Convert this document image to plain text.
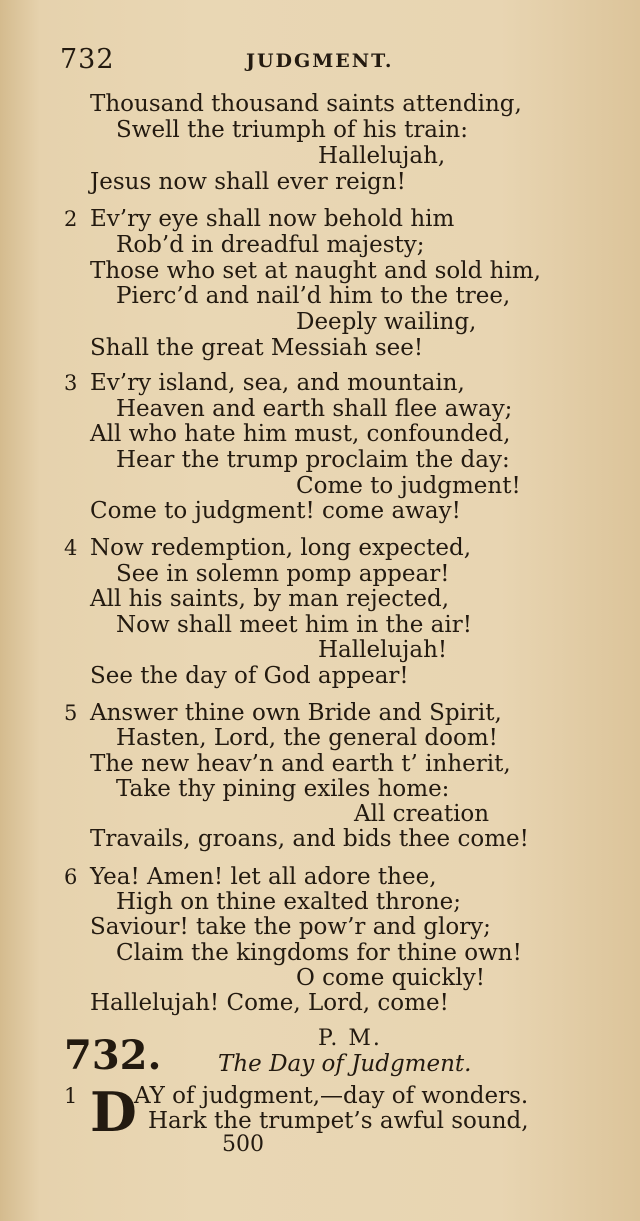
732	JUDGMENT.
Thousand thousand saints attending,
Swell the triumph of his train:
Hallelujah,
Jesus now shall ever reign!
2 Ev’ry eye shall now behold him
Rob’d in dreadful majesty;
Those who set at naught and sold him,
Pierc’d and nail’d him to the tree,
Deeply wailing,
Shall the great Messiah see!
3 Ev’ry island, sea, and mountain,
Heaven and earth shall flee away;
All who hate him must, confounded,
Hear the trump proclaim the day:
Come to judgment!
Come to judgment! come away!
4 Now redemption, long expected,
See in solemn pomp appear!
All his saints, by man rejected,
Now shall meet him in the air!
Hallelujah!
See the day of God appear!
5 Answer thine own Bride and Spirit,
Hasten, Lord, the general doom!
The new heav’n and earth t’ inherit,
Take thy pining exiles home:
All creation
Travails, groans, and bids thee come!
6 Yea! Amen! let all adore thee,
High on thine exalted throne;
Saviour! take the pow’r and glory;
Claim the kingdoms for thine own!
O come quickly!
Hallelujah! Come, Lord, come!
732.	P. M.
The Day of Judgment.
1 D
AY of judgment,—day of wonders.
Hark the trumpet’s awful sound,
500
